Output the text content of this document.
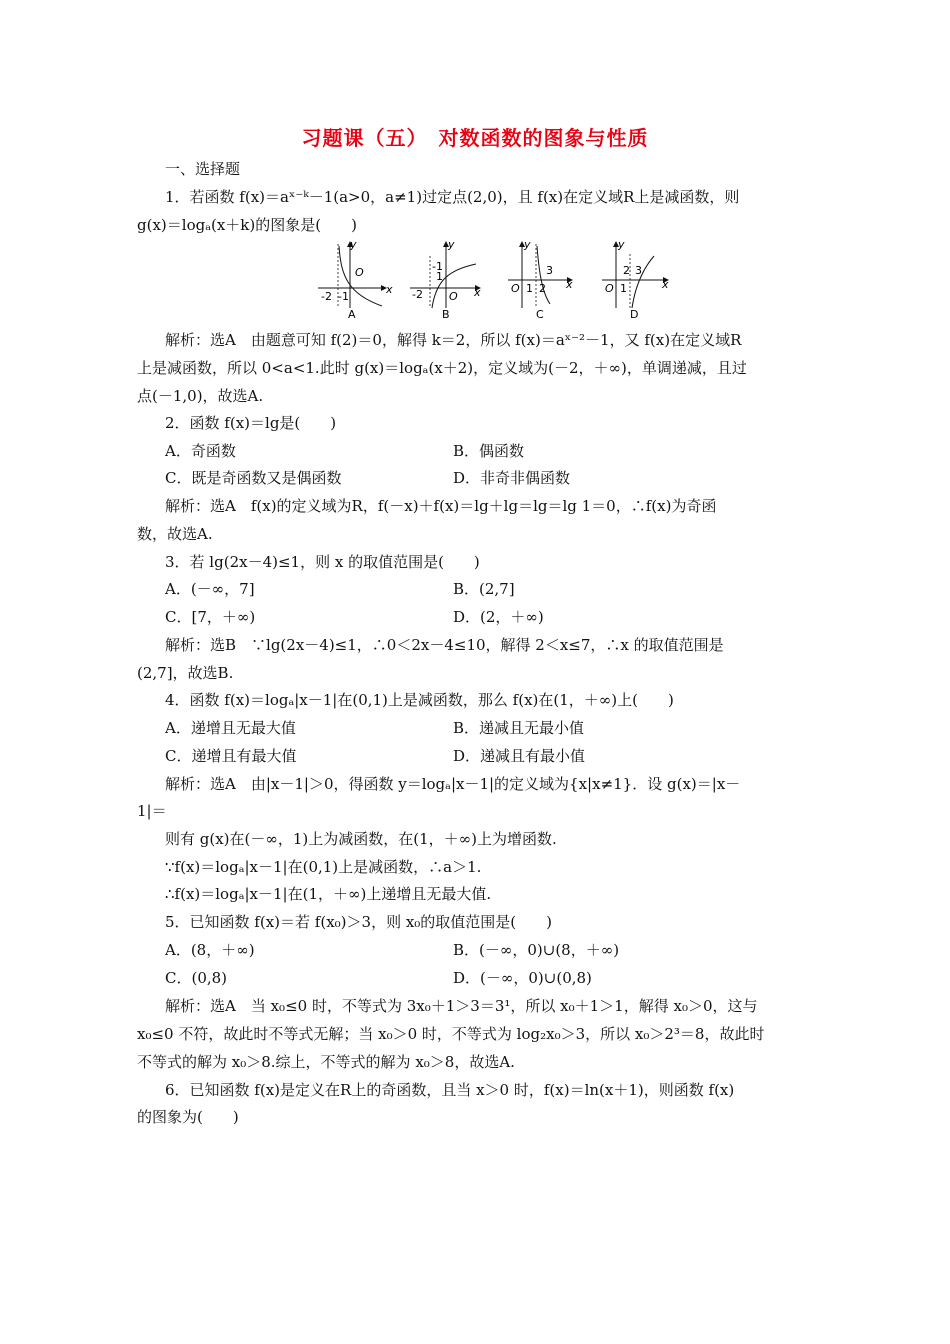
习题课（五）　对数函数的图象与性质
一、选择题
1．若函数 f(x)＝aˣ⁻ᵏ－1(a>0，a≠1)过定点(2,0)，且 f(x)在定义域R上是减函数，则
g(x)＝logₐ(x＋k)的图象是(　　)
y
x
-2 -1
O
A
y
x
-2
-1
1
O
B
y
x
O 1 2
3
C
y
x
O 1
2 3
D
解析：选A　由题意可知 f(2)＝0，解得 k＝2，所以 f(x)＝aˣ⁻²－1，又 f(x)在定义域R
上是减函数，所以 0<a<1.此时 g(x)＝logₐ(x＋2)，定义域为(－2，＋∞)，单调递减，且过
点(－1,0)，故选A.
2．函数 f(x)＝lg是(　　)
A．奇函数	B．偶函数
C．既是奇函数又是偶函数	D．非奇非偶函数
解析：选A　f(x)的定义域为R，f(－x)＋f(x)＝lg＋lg＝lg＝lg 1＝0，∴f(x)为奇函
数，故选A.
3．若 lg(2x－4)≤1，则 x 的取值范围是(　　)
A．(－∞，7]	B．(2,7]
C．[7，＋∞)	D．(2，＋∞)
解析：选B　∵lg(2x－4)≤1，∴0＜2x－4≤10，解得 2＜x≤7，∴x 的取值范围是
(2,7]，故选B.
4．函数 f(x)＝logₐ|x－1|在(0,1)上是减函数，那么 f(x)在(1，＋∞)上(　　)
A．递增且无最大值	B．递减且无最小值
C．递增且有最大值	D．递减且有最小值
解析：选A　由|x－1|＞0，得函数 y＝logₐ|x－1|的定义域为{x|x≠1}．设 g(x)＝|x－
1|＝
则有 g(x)在(－∞，1)上为减函数，在(1，＋∞)上为增函数.
∵f(x)＝logₐ|x－1|在(0,1)上是减函数，∴a＞1.
∴f(x)＝logₐ|x－1|在(1，＋∞)上递增且无最大值.
5．已知函数 f(x)＝若 f(x₀)＞3，则 x₀的取值范围是(　　)
A．(8，＋∞)	B．(－∞，0)∪(8，＋∞)
C．(0,8)	D．(－∞，0)∪(0,8)
解析：选A　当 x₀≤0 时，不等式为 3x₀＋1＞3＝3¹，所以 x₀＋1＞1，解得 x₀＞0，这与
x₀≤0 不符，故此时不等式无解；当 x₀＞0 时，不等式为 log₂x₀＞3，所以 x₀＞2³＝8，故此时
不等式的解为 x₀＞8.综上，不等式的解为 x₀＞8，故选A.
6．已知函数 f(x)是定义在R上的奇函数，且当 x＞0 时，f(x)＝ln(x＋1)，则函数 f(x)
的图象为(　　)
